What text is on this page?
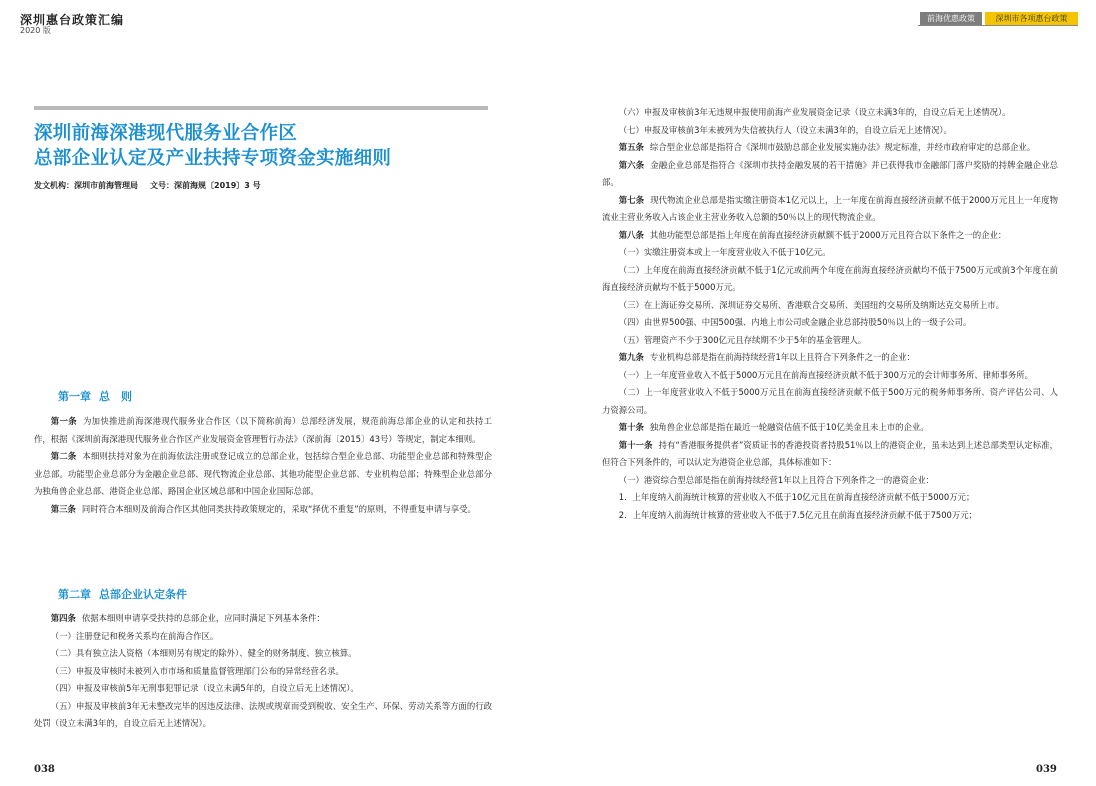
深圳惠台政策汇编
2020 版
前海优惠政策	深圳市各项惠台政策
深圳前海深港现代服务业合作区
总部企业认定及产业扶持专项资金实施细则
发文机构：深圳市前海管理局 文号：深前海规〔2019〕3 号
第一章 总　则

第一条 为加快推进前海深港现代服务业合作区（以下简称前海）总部经济发展，规范前海总部企业的认定和扶持工作，根据《深圳前海深港现代服务业合作区产业发展资金管理暂行办法》（深前海〔2015〕43号）等规定，制定本细则。

第二条 本细则扶持对象为在前海依法注册或登记成立的总部企业，包括综合型企业总部、功能型企业总部和特殊型企业总部。功能型企业总部分为金融企业总部、现代物流企业总部、其他功能型企业总部、专业机构总部；特殊型企业总部分为独角兽企业总部、港资企业总部、路国企业区域总部和中国企业国际总部。

第三条 同时符合本细则及前海合作区其他同类扶持政策规定的，采取“择优不重复”的原则，不得重复申请与享受。

第二章 总部企业认定条件

第四条 依据本细则申请享受扶持的总部企业，应同时满足下列基本条件：

（一）注册登记和税务关系均在前海合作区。

（二）具有独立法人资格（本细则另有规定的除外）、健全的财务制度、独立核算。

（三）申报及审核时未被列入市市场和质量监督管理部门公布的异常经营名录。

（四）申报及审核前5年无刑事犯罪记录（设立未满5年的，自设立后无上述情况）。

（五）申报及审核前3年无未整改完毕的因违反法律、法规或规章而受到税收、安全生产、环保、劳动关系等方面的行政处罚（设立未满3年的，自设立后无上述情况）。

（六）申报及审核前3年无违规申报使用前海产业发展资金记录（设立未满3年的，自设立后无上述情况）。

（七）申报及审核前3年未被列为失信被执行人（设立未满3年的，自设立后无上述情况）。

第五条 综合型企业总部是指符合《深圳市鼓励总部企业发展实施办法》规定标准，并经市政府审定的总部企业。

第六条 金融企业总部是指符合《深圳市扶持金融发展的若干措施》并已获得我市金融部门落户奖励的持牌金融企业总部。

第七条 现代物流企业总部是指实缴注册资本1亿元以上，上一年度在前海直接经济贡献不低于2000万元且上一年度物流业主营业务收入占该企业主营业务收入总额的50％以上的现代物流企业。

第八条 其他功能型总部是指上年度在前海直接经济贡献额不低于2000万元且符合以下条件之一的企业：

（一）实缴注册资本或上一年度营业收入不低于10亿元。

（二）上年度在前海直接经济贡献不低于1亿元或前两个年度在前海直接经济贡献均不低于7500万元或前3个年度在前海直接经济贡献均不低于5000万元。

（三）在上海证券交易所、深圳证券交易所、香港联合交易所、美国纽约交易所及纳斯达克交易所上市。

（四）由世界500强、中国500强、内地上市公司或金融企业总部持股50％以上的一级子公司。

（五）管理资产不少于300亿元且存续期不少于5年的基金管理人。

第九条 专业机构总部是指在前海持续经营1年以上且符合下列条件之一的企业：

（一）上一年度营业收入不低于5000万元且在前海直接经济贡献不低于300万元的会计师事务所、律师事务所。

（二）上一年度营业收入不低于5000万元且在前海直接经济贡献不低于500万元的税务师事务所、资产评估公司、人力资源公司。

第十条 独角兽企业总部是指在最近一轮融资估值不低于10亿美金且未上市的企业。

第十一条 持有“香港服务提供者”资质证书的香港投资者持股51％以上的港资企业，虽未达到上述总部类型认定标准，但符合下列条件的，可以认定为港资企业总部，具体标准如下：

（一）港资综合型总部是指在前海持续经营1年以上且符合下列条件之一的港资企业：

1．上年度纳入前海统计核算的营业收入不低于10亿元且在前海直接经济贡献不低于5000万元；

2．上年度纳入前海统计核算的营业收入不低于7.5亿元且在前海直接经济贡献不低于7500万元；

038	039
